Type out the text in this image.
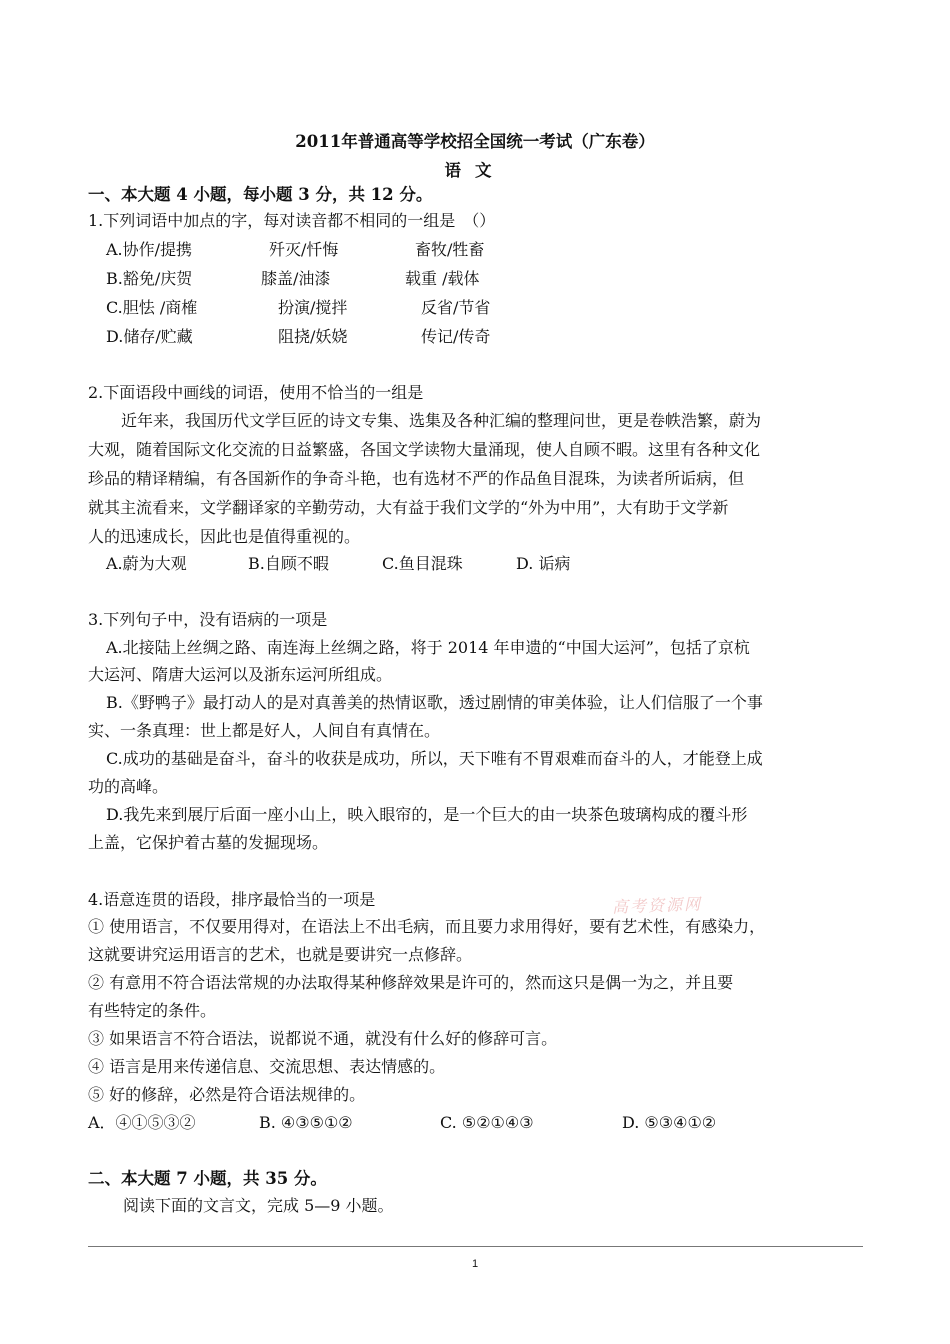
2011年普通高等学校招全国统一考试（广东卷）
语文
一、本大题 4 小题，每小题 3 分，共 12 分。
1.下列词语中加点的字，每对读音都不相同的一组是　（）
A.协作/提携	歼灭/忏悔	畜牧/牲畜
B.豁免/庆贺	膝盖/油漆	载重 /载体
C.胆怯 /商榷	扮演/搅拌	反省/节省
D.储存/贮藏	阻挠/妖娆	传记/传奇
2.下面语段中画线的词语，使用不恰当的一组是
近年来，我国历代文学巨匠的诗文专集、选集及各种汇编的整理问世，更是卷帙浩繁，蔚为
大观，随着国际文化交流的日益繁盛，各国文学读物大量涌现，使人自顾不暇。这里有各种文化
珍品的精译精编，有各国新作的争奇斗艳，也有选材不严的作品鱼目混珠，为读者所诟病，但
就其主流看来，文学翻译家的辛勤劳动，大有益于我们文学的“外为中用”，大有助于文学新
人的迅速成长，因此也是值得重视的。
A.蔚为大观	B.自顾不暇	C.鱼目混珠	D. 诟病
3.下列句子中，没有语病的一项是
A.北接陆上丝绸之路、南连海上丝绸之路，将于 2014 年申遗的“中国大运河”，包括了京杭
大运河、隋唐大运河以及浙东运河所组成。
B.《野鸭子》最打动人的是对真善美的热情讴歌，透过剧情的审美体验，让人们信服了一个事
实、一条真理：世上都是好人，人间自有真情在。
C.成功的基础是奋斗，奋斗的收获是成功，所以，天下唯有不胃艰难而奋斗的人，才能登上成
功的高峰。
D.我先来到展厅后面一座小山上，映入眼帘的，是一个巨大的由一块茶色玻璃构成的覆斗形
上盖，它保护着古墓的发掘现场。
4.语意连贯的语段，排序最恰当的一项是	高考资源网
① 使用语言，不仅要用得对，在语法上不出毛病，而且要力求用得好，要有艺术性，有感染力，
这就要讲究运用语言的艺术，也就是要讲究一点修辞。
② 有意用不符合语法常规的办法取得某种修辞效果是许可的，然而这只是偶一为之，并且要
有些特定的条件。
③ 如果语言不符合语法，说都说不通，就没有什么好的修辞可言。
④ 语言是用来传递信息、交流思想、表达情感的。
⑤ 好的修辞，必然是符合语法规律的。
A．④①⑤③②	B. ④③⑤①②	C. ⑤②①④③	D. ⑤③④①②
二、本大题 7 小题，共 35 分。
阅读下面的文言文，完成 5—9 小题。
1
